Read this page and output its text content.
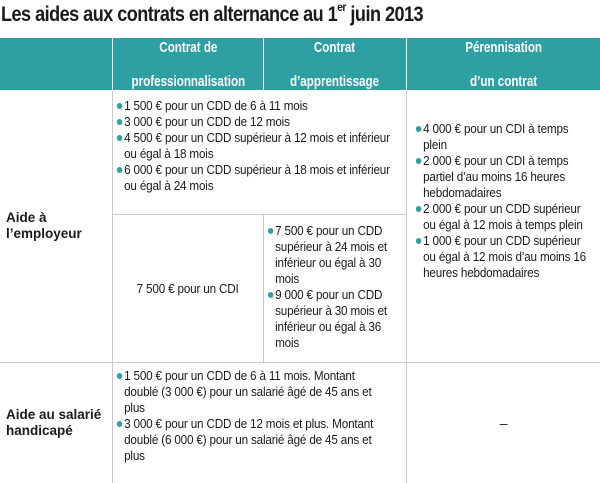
Les aides aux contrats en alternance au 1er juin 2013
Contrat de

professionnalisation
Contrat

d’apprentissage
Pérennisation

d’un contrat
Aide à
l’employeur
1 500 € pour un CDD de 6 à 11 mois
3 000 € pour un CDD de 12 mois
4 500 € pour un CDD supérieur à 12 mois et inférieur ou égal à 18 mois
6 000 € pour un CDD supérieur à 18 mois et inférieur ou égal à 24 mois
7 500 € pour un CDI
7 500 € pour un CDD supérieur à 24 mois et inférieur ou égal à 30 mois
9 000 € pour un CDD supérieur à 30 mois et inférieur ou égal à 36 mois
4 000 € pour un CDI à temps plein
2 000 € pour un CDI à temps partiel d’au moins 16 heures hebdomadaires
2 000 € pour un CDD supérieur ou égal à 12 mois à temps plein
1 000 € pour un CDD supérieur ou égal à 12 mois d’au moins 16 heures hebdomadaires
Aide au salarié
handicapé
1 500 € pour un CDD de 6 à 11 mois. Montant doublé (3 000 €) pour un salarié âgé de 45 ans et plus
3 000 € pour un CDD de 12 mois et plus. Montant doublé (6 000 €) pour un salarié âgé de 45 ans et plus
–
